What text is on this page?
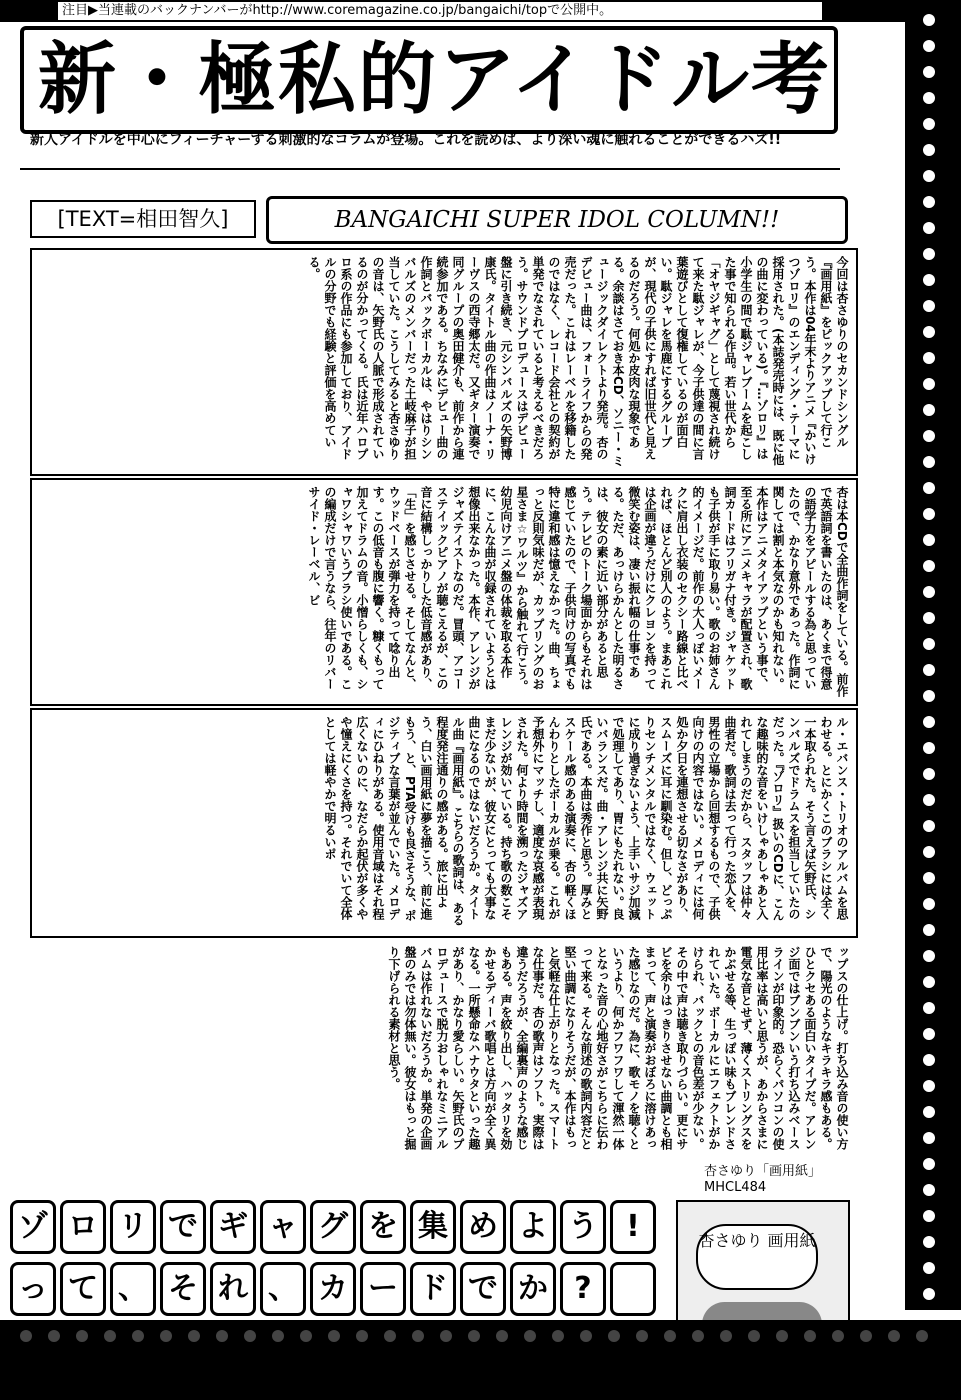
注目▶当連載のバックナンバーがhttp://www.coremagazine.co.jp/bangaichi/topで公開中。
新・極私的アイドル考
新人アイドルを中心にフィーチャーする刺激的なコラムが登場。これを読めば、より深い魂に触れることができるハズ!!
[TEXT=相田智久]	BANGAICHI SUPER IDOL COLUMN!!
今回は杏さゆりのセカンドシングル『画用紙』をピックアップして行こう。本作は04年末よりアニメ『かいけつゾロリ』のエンディング・テーマに採用された。(本誌発売時には、既に他の曲に変わっている)。『…ゾロリ』は小学生の間で駄ジャレブームを起こした事で知られる作品。若い世代から「オヤジギャグ」として蔑視され続けて来た駄ジャレが、今子供達の間に言葉遊びとして復権しているのが面白い。駄ジャレを馬鹿にするグループが、現代の子供にすれば旧世代と見えるのだろう。何処か皮肉な現象である。余談はさておき本CD、ソニー・ミュージックダイレクトより発売。杏のデビュー曲は、フォーライフからの発売だった。これはレーベルを移籍したのではなく、レコード会社との契約が単発でなされていると考えるべきだろう。サウンドプロデュースはデビュー盤に引き続き、元シンバルズの矢野博康氏。タイトル曲の作曲はノーナ・リーヴスの西寺郷太だ。又ギター演奏で同グループの奥田健介も、前作から連続参加である。ちなみにデビュー曲の作詞とバックボーカルは、やはりシンバルズのメンバーだった土岐麻子が担当していた。こうしてみると杏さゆりの音は、矢野氏の人脈で形成されているのが分かってくる。氏は近年ハロプロ系の作品にも参加しており、アイドルの分野でも経験と評価を高めている。
杏は本CDで全曲作詞をしている。前作で英語詞を書いたのは、あくまで得意の語学力をアピールする為と思っていたので、かなり意外であった。作詞に関しては割と本気なのかも知れない。本作はアニメタイアップという事で、至る所にアニメキャラが配置され、歌詞カードはフリガナ付き。ジャケットも子供が手に取り易い。歌のお姉さん的イメージだ。前作の大人っぽいメークに肩出し衣装のセクシー路線と比べれば、ほとんど別人のよう。まあこれは企画が違うだけにクレヨンを持って微笑む姿は、凄い振れ幅の仕事である。ただ、あっけらかんとした明るさは、彼女の素に近い部分があると思う。テレビのトーク場面からもそれは感じていたので、子供向けの写真でも特に違和感は憶えなかった。曲、ちょっと反則気味だが、カップリングのお星さま☆ワルツ』から触れて行こう。幼児向けアニメ盤の体裁を取る本作に、こんな曲が収録されていようとは想像出来なかった。本作、アレンジがジャズテイストなのだ。冒頭、アコーステイックピアノが聴こえるが、この音に結構しっかりした低音感があり、「生」を感じさせる。そしてなんと、ウッドベースが弾力を持って唸り出す。この低音も腹に響く。糠くもって加えてドラムの音。小憎らしくも、シャワシャワいうブラシ使いである。この編成だけで言うなら、往年のリバーサイド・レーベル、ビ
ル・エバンス・トリオのアルバムを思わせる。とにかくこのブラシには全く一本取られた。そう言えば矢野氏、シンバルズでドラムスを担当していたのだった。『ゾロリ』扱いのCDに、こんな趣味的な音をいけしゃあしゃあと入れてしまうのだから、スタッフは仲々曲者だ。歌詞は去って行った恋人を、男性の立場から回想するもので、子供向けの内容ではない。メロディには何処か夕日を連想させる切なさがあり、スムーズに耳に馴染む。但し、どっぷりセンチメンタルではなく、ウェットに成り過ぎないよう、上手いサジ加減で処理してあり、胃にもたれない。良いバランスだ。曲・アレンジ共に矢野氏である。本曲は秀作と思う。厚みとスケール感のある演奏に、杏の軽くほんわりとしたボーカルが乗る。これが予想外にマッチし、適度な哀感が表現された。何より時間を溯ったジャズアレンジが効いている。持ち歌の数こそまだ少ないが、彼女にとっても大事な曲になるのではないだろうか。タイトル曲『画用紙』。こちらの歌詞は、ある程度発注通りの感がある。旅に出よう、白い画用紙に夢を描こう、前に進もう、と、PTA受けも良さそうな、ポジティブな言葉が並んでいた。メロディにひねりがある。使用音域はそれ程広くないのに、なだらか起伏が多くやや憧えにくさを持つ。それでいて全体としては軽やかで明るいポ
ップスの仕上げ。打ち込み音の使い方で、陽光のようなキラキラ感もある。ひとクセある面白いタイプだ。アレンジ面ではブンブンいう打ち込みベースラインが印象的。恐らくパソコンの使用比率は高いと思うが、あからさまに電気な音とせず、薄くストリングスをかぶせる等、生っぽい味もブレンドされていた。ボーカルにエフェクトがかけられ、バックとの音色差が少ない。その中で声は聴き取りづらい。更にサビを余りはっきりさせない曲調とも相まって、声と演奏がおぼろに溶けあった感じなのだ。為に、歌モノを聴くというより、何かフワフワして渾然一体となった音の心地好さがこちらに伝わって来る。そんな前述の歌詞内容だと堅い曲調になりそうだが、本作はもっと気軽な仕上がりとなった。スマートな仕事だ。杏の歌声はソフト。実際は違うだろうが、全編裏声のような感じもある。声を絞り出し、ハッタリを効かせるディーバ歌唱とは方向が全く異なる。一所懸命なハナウタといった趣があり、かなり愛らしい。矢野氏のプロデュースで脱力おしゃれなミニアルバムは作れないだろうか。単発の企画盤のみでは勿体無い。彼女はもっと掘り下げられる素材と思う。
杏さゆり「画用紙」
MHCL484
杏さゆり 画用紙
ゾ ロ リ で ギ ャ グ を 集 め よ う !
っ て 、 そ れ 、 カ ー ド で か ?
